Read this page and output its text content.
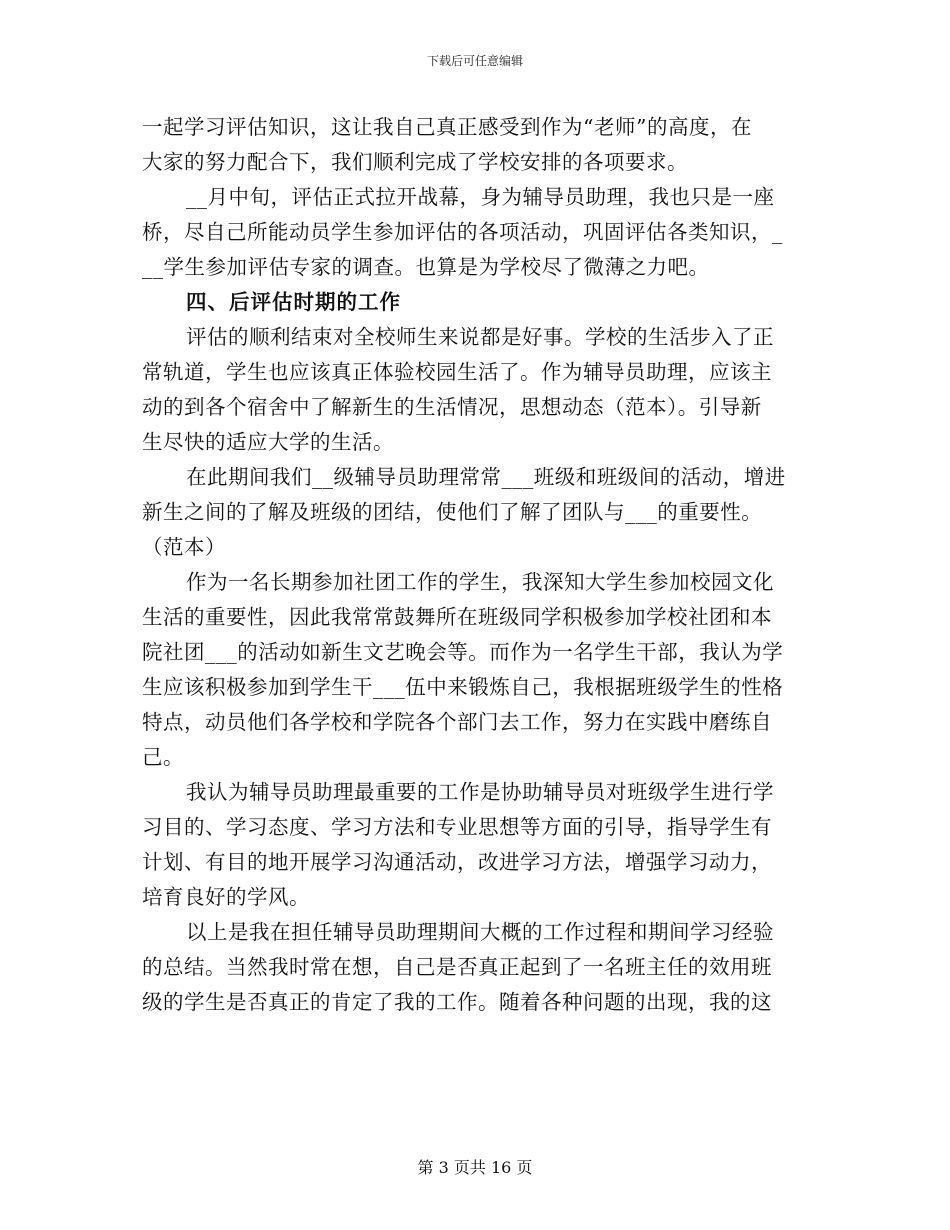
下载后可任意编辑
一起学习评估知识，这让我自己真正感受到作为“老师”的高度，在
大家的努力配合下，我们顺利完成了学校安排的各项要求。
__月中旬，评估正式拉开战幕，身为辅导员助理，我也只是一座
桥，尽自己所能动员学生参加评估的各项活动，巩固评估各类知识，_
__学生参加评估专家的调查。也算是为学校尽了微薄之力吧。
四、后评估时期的工作
评估的顺利结束对全校师生来说都是好事。学校的生活步入了正
常轨道，学生也应该真正体验校园生活了。作为辅导员助理，应该主
动的到各个宿舍中了解新生的生活情况，思想动态（范本）。引导新
生尽快的适应大学的生活。
在此期间我们__级辅导员助理常常___班级和班级间的活动，增进
新生之间的了解及班级的团结，使他们了解了团队与___的重要性。
（范本）
作为一名长期参加社团工作的学生，我深知大学生参加校园文化
生活的重要性，因此我常常鼓舞所在班级同学积极参加学校社团和本
院社团___的活动如新生文艺晚会等。而作为一名学生干部，我认为学
生应该积极参加到学生干___伍中来锻炼自己，我根据班级学生的性格
特点，动员他们各学校和学院各个部门去工作，努力在实践中磨练自
己。
我认为辅导员助理最重要的工作是协助辅导员对班级学生进行学
习目的、学习态度、学习方法和专业思想等方面的引导，指导学生有
计划、有目的地开展学习沟通活动，改进学习方法，增强学习动力，
培育良好的学风。
以上是我在担任辅导员助理期间大概的工作过程和期间学习经验
的总结。当然我时常在想，自己是否真正起到了一名班主任的效用班
级的学生是否真正的肯定了我的工作。随着各种问题的出现，我的这
第 3 页共 16 页
